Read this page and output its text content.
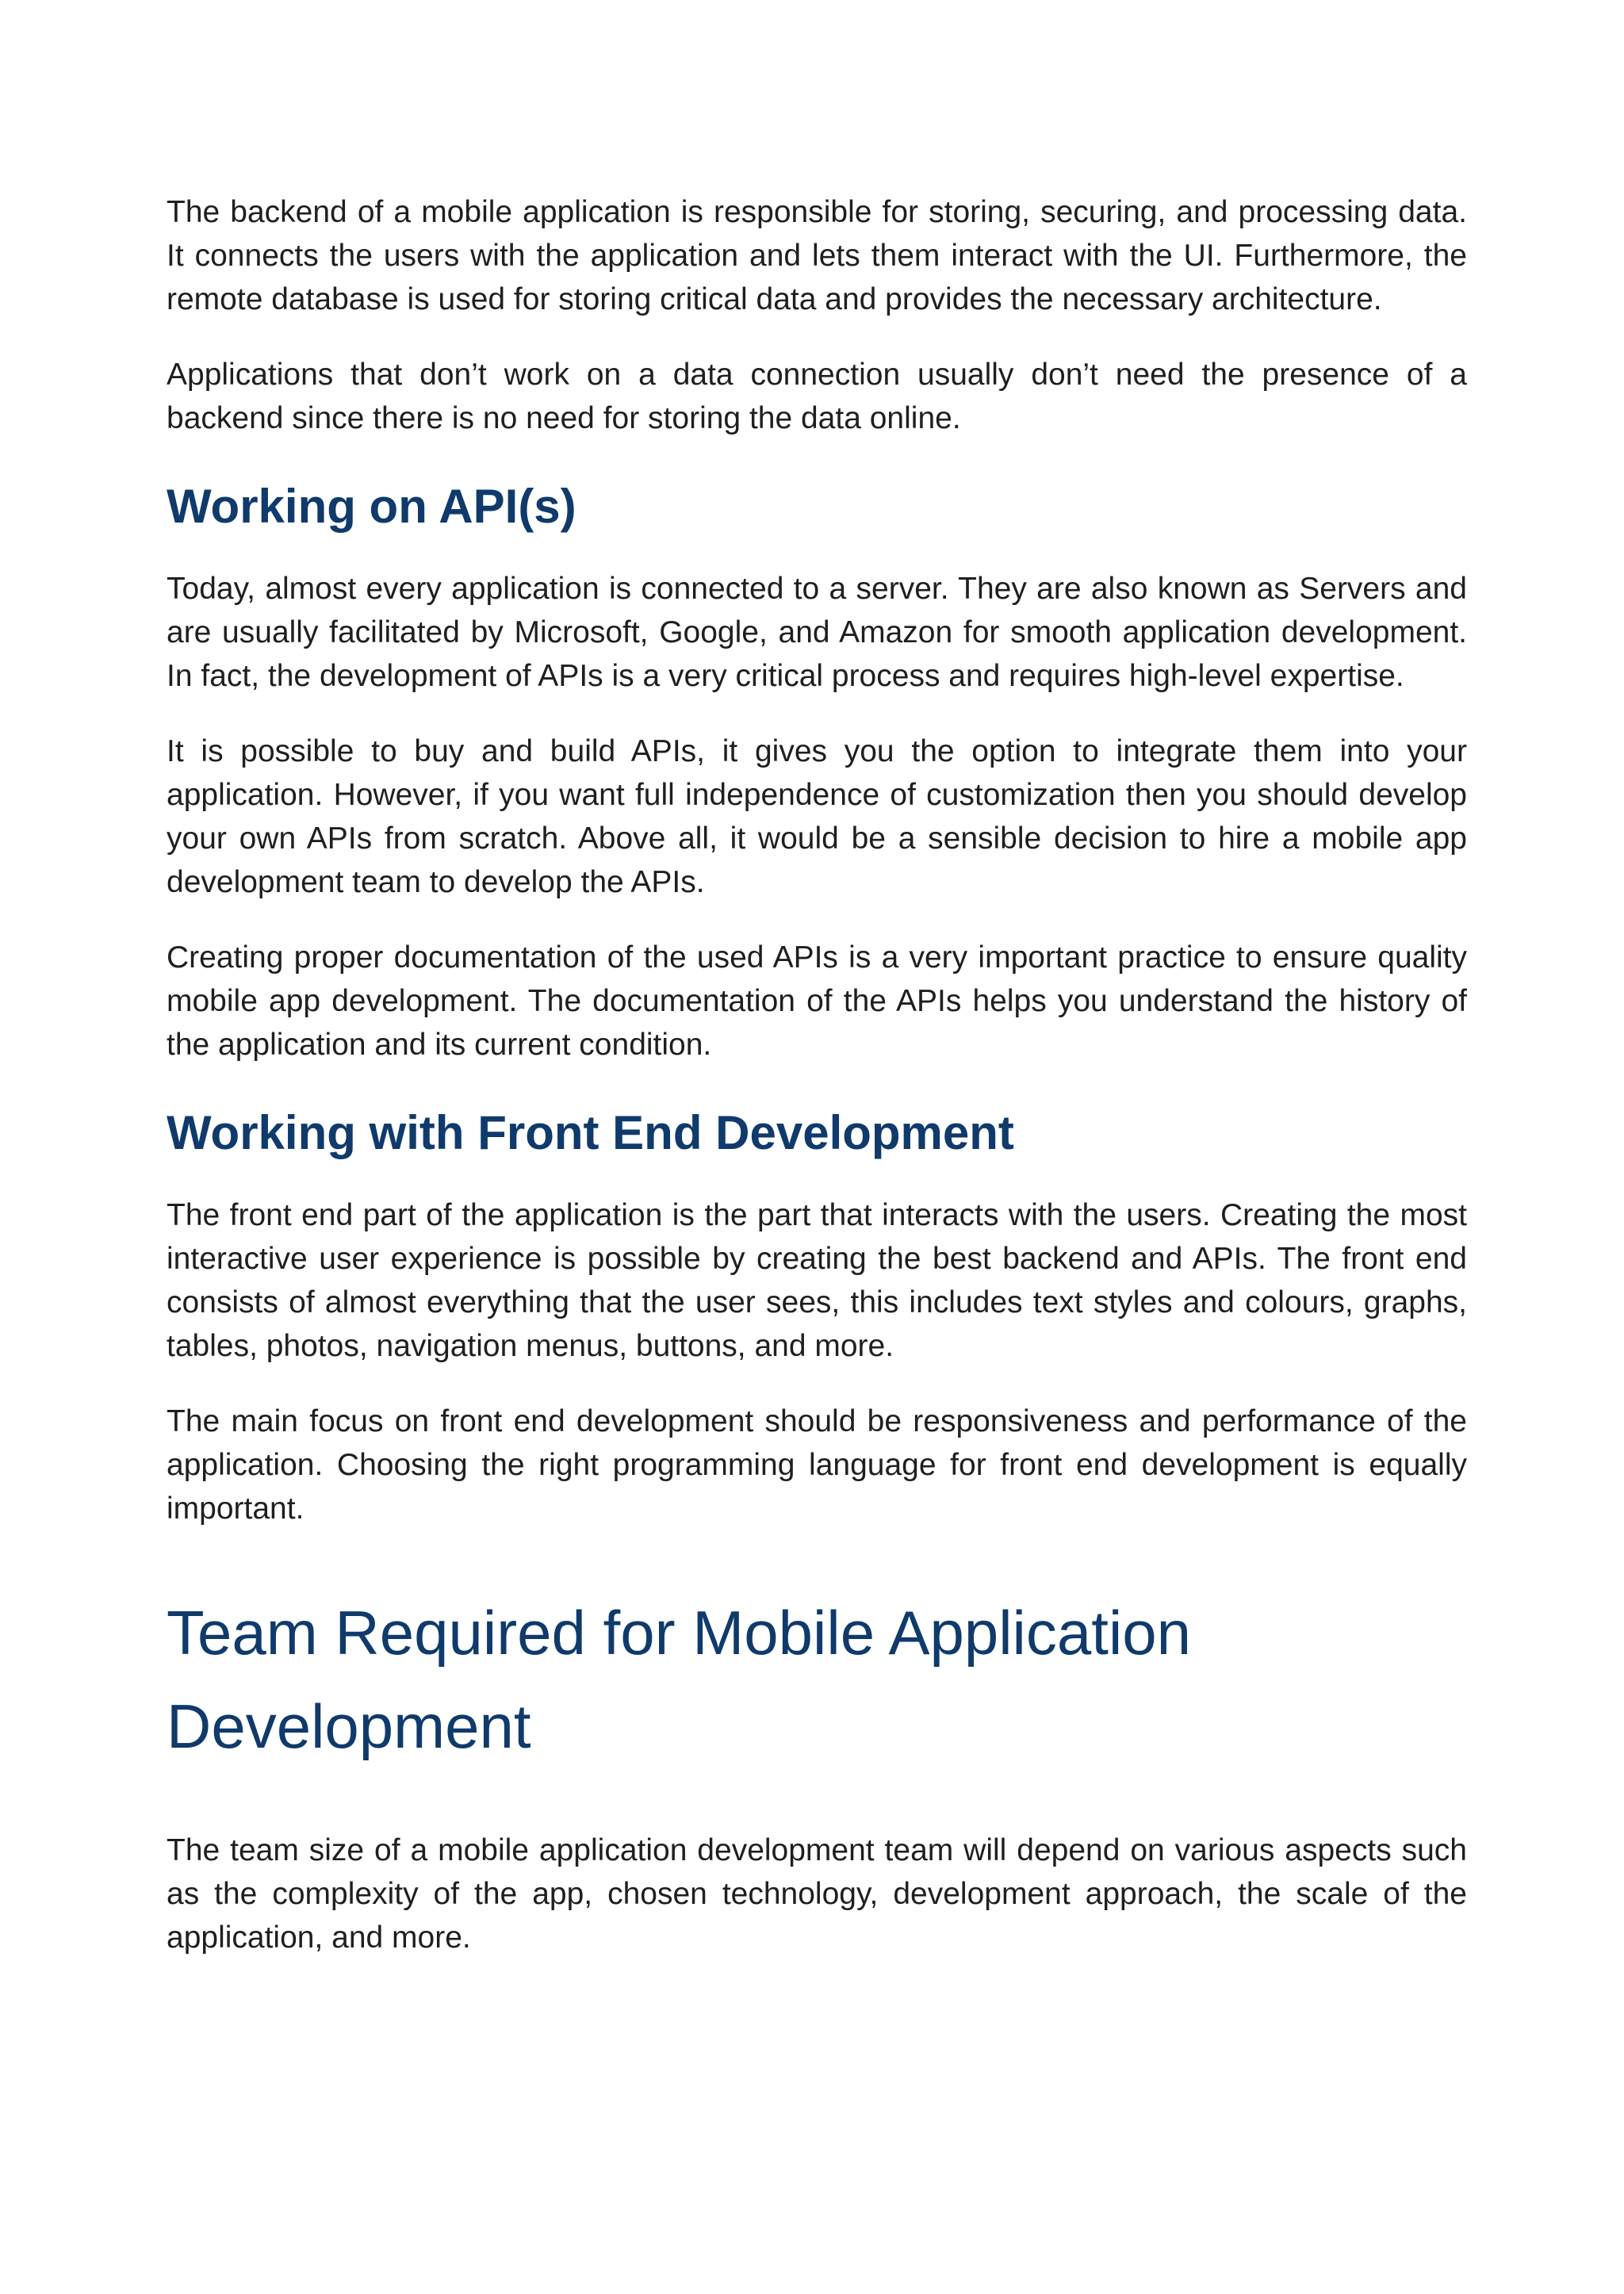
The backend of a mobile application is responsible for storing, securing, and processing data. It connects the users with the application and lets them interact with the UI. Furthermore, the remote database is used for storing critical data and provides the necessary architecture.

Applications that don’t work on a data connection usually don’t need the presence of a backend since there is no need for storing the data online.

Working on API(s)

Today, almost every application is connected to a server. They are also known as Servers and are usually facilitated by Microsoft, Google, and Amazon for smooth application development. In fact, the development of APIs is a very critical process and requires high-level expertise.

It is possible to buy and build APIs, it gives you the option to integrate them into your application. However, if you want full independence of customization then you should develop your own APIs from scratch. Above all, it would be a sensible decision to hire a mobile app development team to develop the APIs.

Creating proper documentation of the used APIs is a very important practice to ensure quality mobile app development. The documentation of the APIs helps you understand the history of the application and its current condition.

Working with Front End Development

The front end part of the application is the part that interacts with the users. Creating the most interactive user experience is possible by creating the best backend and APIs. The front end consists of almost everything that the user sees, this includes text styles and colours, graphs, tables, photos, navigation menus, buttons, and more.

The main focus on front end development should be responsiveness and performance of the application. Choosing the right programming language for front end development is equally important.

Team Required for Mobile Application Development

The team size of a mobile application development team will depend on various aspects such as the complexity of the app, chosen technology, development approach, the scale of the application, and more.
